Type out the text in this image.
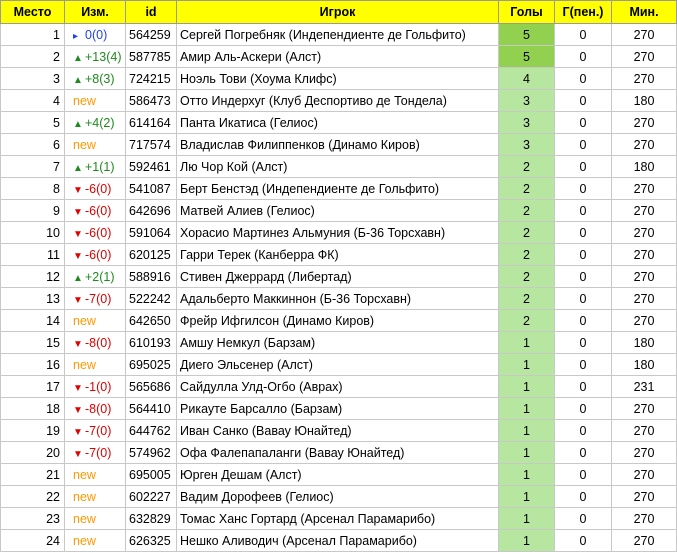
Место	Изм.	id	Игрок	Голы	Г(пен.)	Мин.
1	▸ 0(0)	564259	Сергей Погребняк (Индепендиенте де Гольфито)	5	0	270
2	▲ +13(4)	587785	Амир Аль-Аскери (Алст)	5	0	270
3	▲ +8(3)	724215	Ноэль Тови (Хоума Клифс)	4	0	270
4	new	586473	Отто Индерхуг (Клуб Деспортиво де Тондела)	3	0	180
5	▲ +4(2)	614164	Панта Икатиса (Гелиос)	3	0	270
6	new	717574	Владислав Филиппенков (Динамо Киров)	3	0	270
7	▲ +1(1)	592461	Лю Чор Кой (Алст)	2	0	180
8	▼ -6(0)	541087	Берт Бенстэд (Индепендиенте де Гольфито)	2	0	270
9	▼ -6(0)	642696	Матвей Алиев (Гелиос)	2	0	270
10	▼ -6(0)	591064	Хорасио Мартинез Альмуния (Б-36 Торсхавн)	2	0	270
11	▼ -6(0)	620125	Гарри Терек (Канберра ФК)	2	0	270
12	▲ +2(1)	588916	Стивен Джеррард (Либертад)	2	0	270
13	▼ -7(0)	522242	Адальберто Маккиннон (Б-36 Торсхавн)	2	0	270
14	new	642650	Фрейр Ифгилсон (Динамо Киров)	2	0	270
15	▼ -8(0)	610193	Амшу Немкул (Барзам)	1	0	180
16	new	695025	Диего Эльсенер (Алст)	1	0	180
17	▼ -1(0)	565686	Сайдулла Улд-Огбо (Аврах)	1	0	231
18	▼ -8(0)	564410	Рикауте Барсалло (Барзам)	1	0	270
19	▼ -7(0)	644762	Иван Санко (Вавау Юнайтед)	1	0	270
20	▼ -7(0)	574962	Офа Фалепапаланги (Вавау Юнайтед)	1	0	270
21	new	695005	Юрген Дешам (Алст)	1	0	270
22	new	602227	Вадим Дорофеев (Гелиос)	1	0	270
23	new	632829	Томас Ханс Гортард (Арсенал Парамарибо)	1	0	270
24	new	626325	Нешко Аливодич (Арсенал Парамарибо)	1	0	270
